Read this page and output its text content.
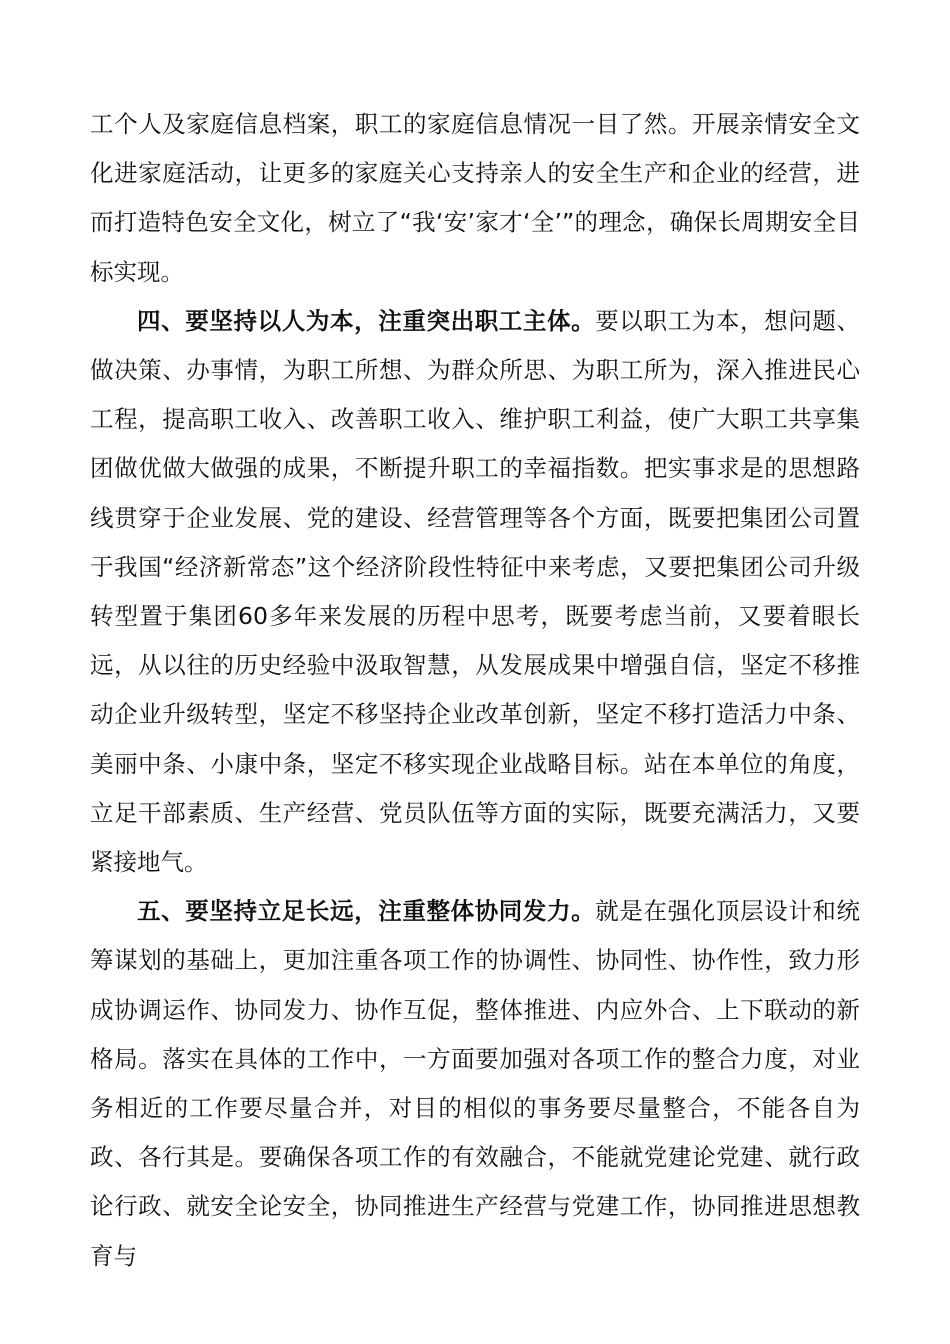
工个人及家庭信息档案，职工的家庭信息情况一目了然。开展亲情安全文化进家庭活动，让更多的家庭关心支持亲人的安全生产和企业的经营，进而打造特色安全文化，树立了“我‘安’家才‘全’”的理念，确保长周期安全目标实现。

四、要坚持以人为本，注重突出职工主体。要以职工为本，想问题、做决策、办事情，为职工所想、为群众所思、为职工所为，深入推进民心工程，提高职工收入、改善职工收入、维护职工利益，使广大职工共享集团做优做大做强的成果，不断提升职工的幸福指数。把实事求是的思想路线贯穿于企业发展、党的建设、经营管理等各个方面，既要把集团公司置于我国“经济新常态”这个经济阶段性特征中来考虑，又要把集团公司升级转型置于集团60多年来发展的历程中思考，既要考虑当前，又要着眼长远，从以往的历史经验中汲取智慧，从发展成果中增强自信，坚定不移推动企业升级转型，坚定不移坚持企业改革创新，坚定不移打造活力中条、美丽中条、小康中条，坚定不移实现企业战略目标。站在本单位的角度，立足干部素质、生产经营、党员队伍等方面的实际，既要充满活力，又要紧接地气。

五、要坚持立足长远，注重整体协同发力。就是在强化顶层设计和统筹谋划的基础上，更加注重各项工作的协调性、协同性、协作性，致力形成协调运作、协同发力、协作互促，整体推进、内应外合、上下联动的新格局。落实在具体的工作中，一方面要加强对各项工作的整合力度，对业务相近的工作要尽量合并，对目的相似的事务要尽量整合，不能各自为政、各行其是。要确保各项工作的有效融合，不能就党建论党建、就行政论行政、就安全论安全，协同推进生产经营与党建工作，协同推进思想教育与
